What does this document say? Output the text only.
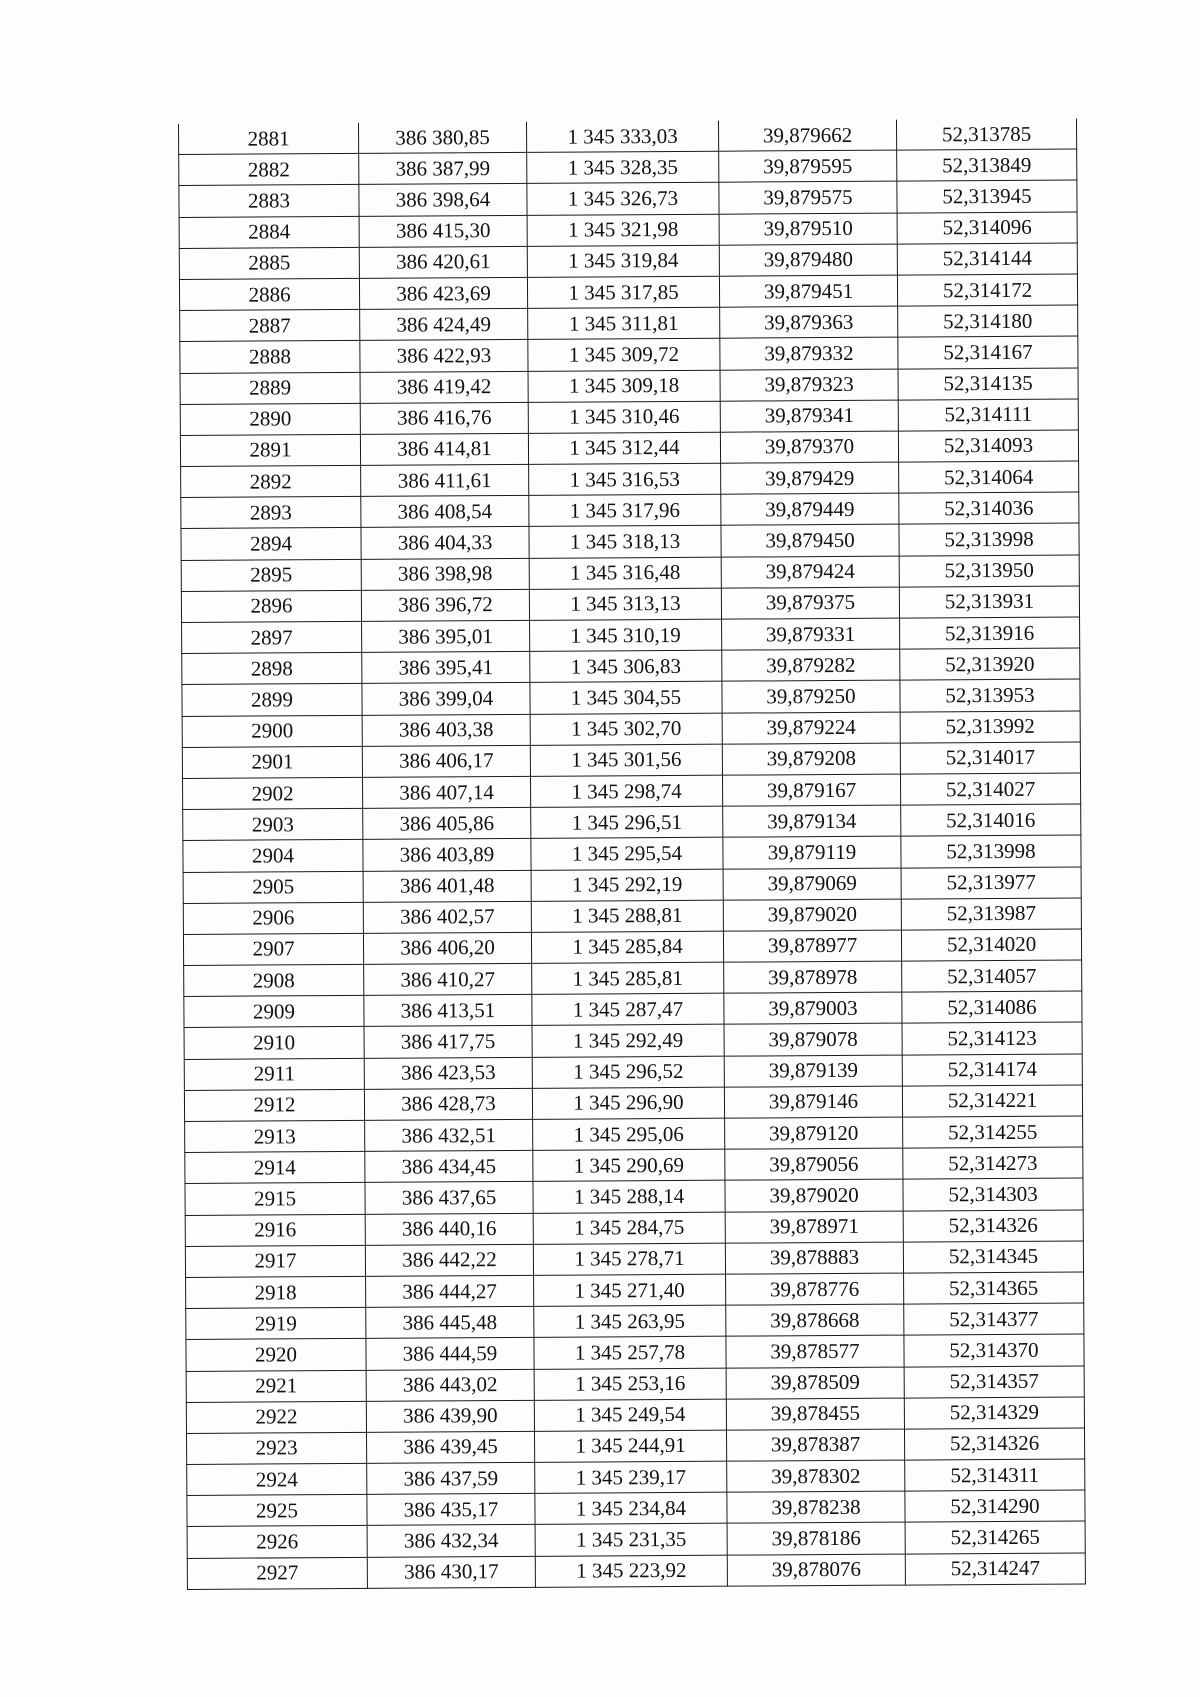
2881	386 380,85	1 345 333,03	39,879662	52,313785
2882	386 387,99	1 345 328,35	39,879595	52,313849
2883	386 398,64	1 345 326,73	39,879575	52,313945
2884	386 415,30	1 345 321,98	39,879510	52,314096
2885	386 420,61	1 345 319,84	39,879480	52,314144
2886	386 423,69	1 345 317,85	39,879451	52,314172
2887	386 424,49	1 345 311,81	39,879363	52,314180
2888	386 422,93	1 345 309,72	39,879332	52,314167
2889	386 419,42	1 345 309,18	39,879323	52,314135
2890	386 416,76	1 345 310,46	39,879341	52,314111
2891	386 414,81	1 345 312,44	39,879370	52,314093
2892	386 411,61	1 345 316,53	39,879429	52,314064
2893	386 408,54	1 345 317,96	39,879449	52,314036
2894	386 404,33	1 345 318,13	39,879450	52,313998
2895	386 398,98	1 345 316,48	39,879424	52,313950
2896	386 396,72	1 345 313,13	39,879375	52,313931
2897	386 395,01	1 345 310,19	39,879331	52,313916
2898	386 395,41	1 345 306,83	39,879282	52,313920
2899	386 399,04	1 345 304,55	39,879250	52,313953
2900	386 403,38	1 345 302,70	39,879224	52,313992
2901	386 406,17	1 345 301,56	39,879208	52,314017
2902	386 407,14	1 345 298,74	39,879167	52,314027
2903	386 405,86	1 345 296,51	39,879134	52,314016
2904	386 403,89	1 345 295,54	39,879119	52,313998
2905	386 401,48	1 345 292,19	39,879069	52,313977
2906	386 402,57	1 345 288,81	39,879020	52,313987
2907	386 406,20	1 345 285,84	39,878977	52,314020
2908	386 410,27	1 345 285,81	39,878978	52,314057
2909	386 413,51	1 345 287,47	39,879003	52,314086
2910	386 417,75	1 345 292,49	39,879078	52,314123
2911	386 423,53	1 345 296,52	39,879139	52,314174
2912	386 428,73	1 345 296,90	39,879146	52,314221
2913	386 432,51	1 345 295,06	39,879120	52,314255
2914	386 434,45	1 345 290,69	39,879056	52,314273
2915	386 437,65	1 345 288,14	39,879020	52,314303
2916	386 440,16	1 345 284,75	39,878971	52,314326
2917	386 442,22	1 345 278,71	39,878883	52,314345
2918	386 444,27	1 345 271,40	39,878776	52,314365
2919	386 445,48	1 345 263,95	39,878668	52,314377
2920	386 444,59	1 345 257,78	39,878577	52,314370
2921	386 443,02	1 345 253,16	39,878509	52,314357
2922	386 439,90	1 345 249,54	39,878455	52,314329
2923	386 439,45	1 345 244,91	39,878387	52,314326
2924	386 437,59	1 345 239,17	39,878302	52,314311
2925	386 435,17	1 345 234,84	39,878238	52,314290
2926	386 432,34	1 345 231,35	39,878186	52,314265
2927	386 430,17	1 345 223,92	39,878076	52,314247
